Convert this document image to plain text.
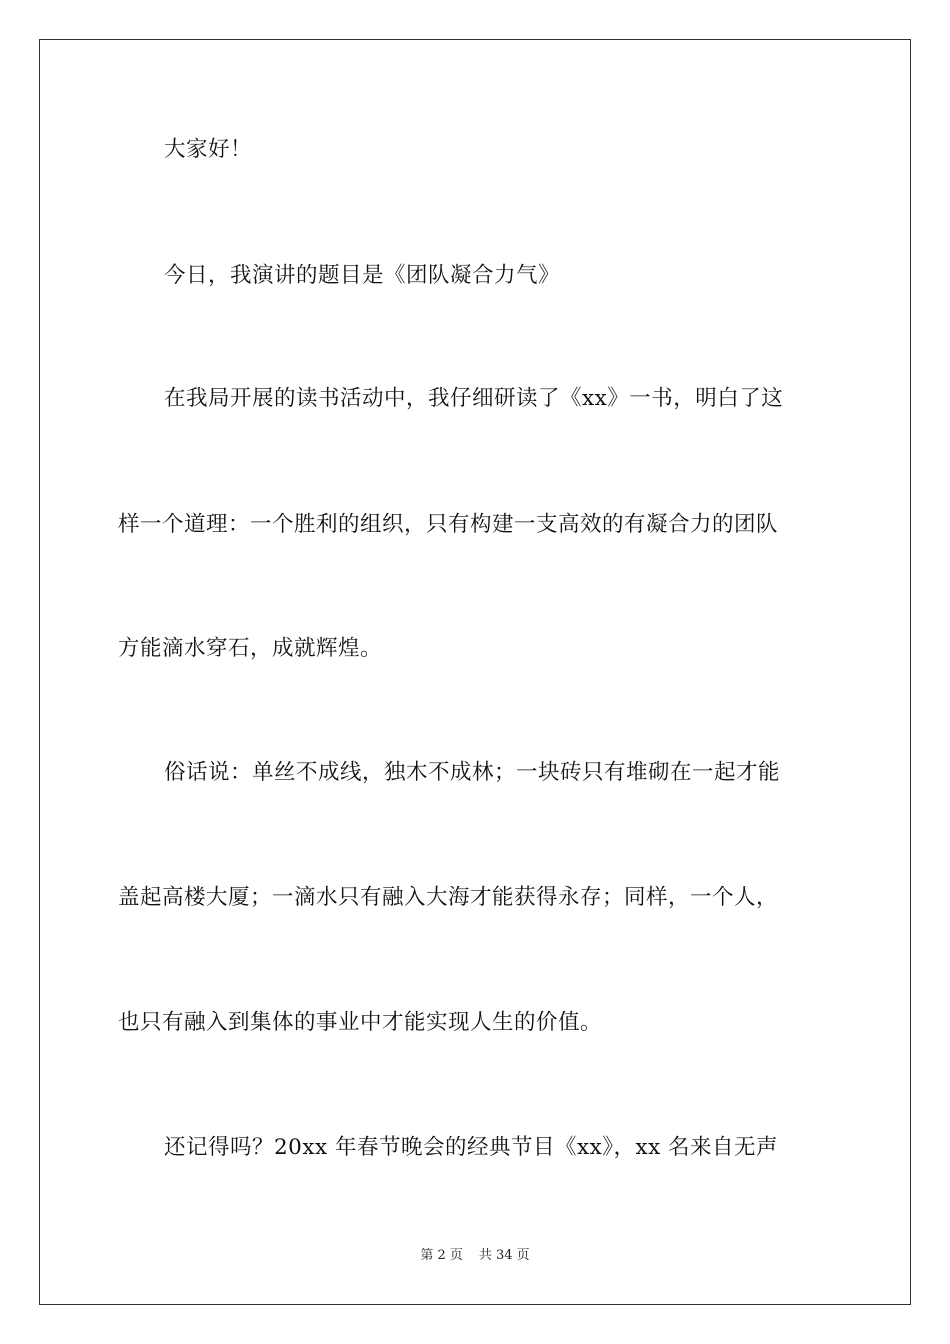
大家好！
今日，我演讲的题目是《团队凝合力气》
在我局开展的读书活动中，我仔细研读了《xx》一书，明白了这
样一个道理：一个胜利的组织，只有构建一支高效的有凝合力的团队
方能滴水穿石，成就辉煌。
俗话说：单丝不成线，独木不成林；一块砖只有堆砌在一起才能
盖起高楼大厦；一滴水只有融入大海才能获得永存；同样，一个人，
也只有融入到集体的事业中才能实现人生的价值。
还记得吗？20xx 年春节晚会的经典节目《xx》，xx 名来自无声
第 2 页 共 34 页
